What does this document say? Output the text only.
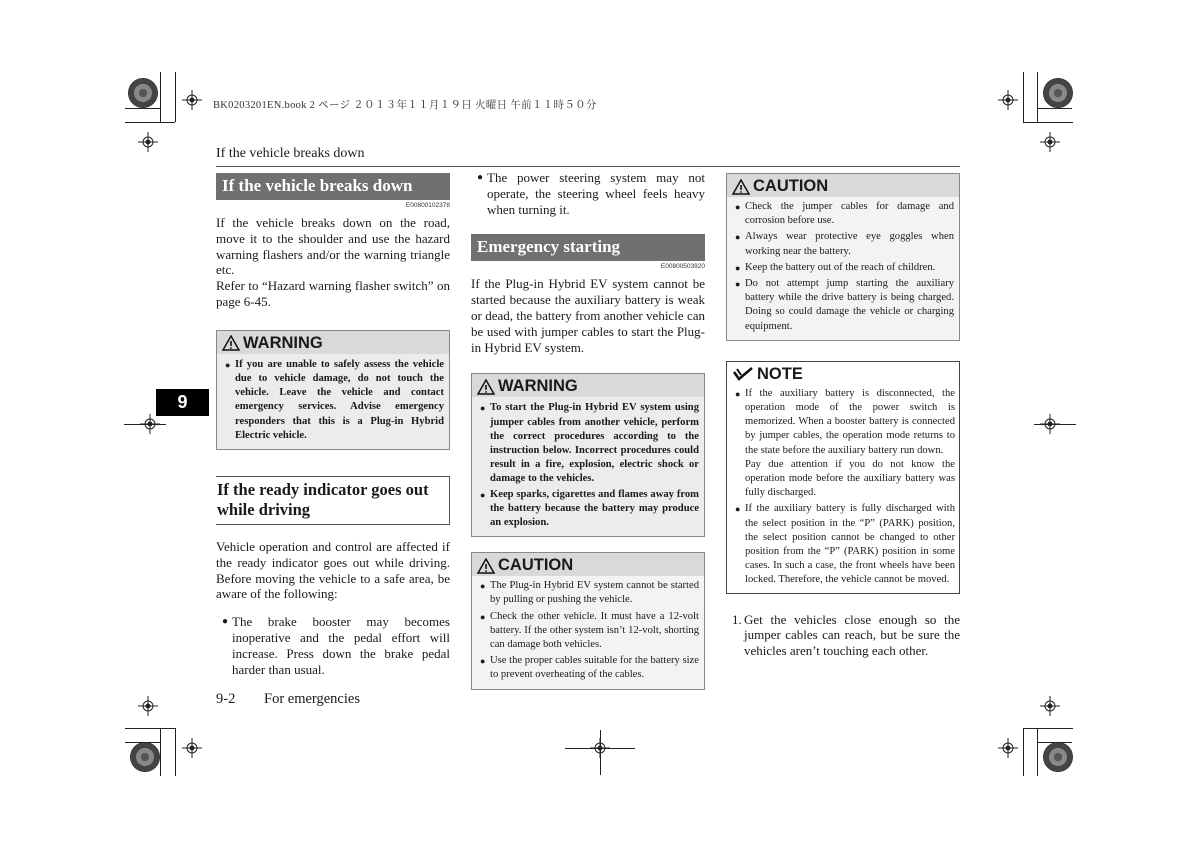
BK0203201EN.book 2 ページ ２０１３年１１月１９日 火曜日 午前１１時５０分
If the vehicle breaks down
9
If the vehicle breaks down
E00800102378
If the vehicle breaks down on the road, move it to the shoulder and use the hazard warning flashers and/or the warning triangle etc.
Refer to “Hazard warning flasher switch” on page 6-45.
WARNING
● If you are unable to safely assess the vehicle due to vehicle damage, do not touch the vehicle. Leave the vehicle and contact emergency services. Advise emergency responders that this is a Plug-in Hybrid Electric vehicle.
If the ready indicator goes out while driving
Vehicle operation and control are affected if the ready indicator goes out while driving. Before moving the vehicle to a safe area, be aware of the following:
● The brake booster may becomes inoperative and the pedal effort will increase. Press down the brake pedal harder than usual.
● The power steering system may not operate, the steering wheel feels heavy when turning it.
Emergency starting
E00800503920
If the Plug-in Hybrid EV system cannot be started because the auxiliary battery is weak or dead, the battery from another vehicle can be used with jumper cables to start the Plug-in Hybrid EV system.
WARNING
● To start the Plug-in Hybrid EV system using jumper cables from another vehicle, perform the correct procedures according to the instruction below. Incorrect procedures could result in a fire, explosion, electric shock or damage to the vehicles.
● Keep sparks, cigarettes and flames away from the battery because the battery may produce an explosion.
CAUTION
● The Plug-in Hybrid EV system cannot be started by pulling or pushing the vehicle.
● Check the other vehicle. It must have a 12-volt battery. If the other system isn’t 12-volt, shorting can damage both vehicles.
● Use the proper cables suitable for the battery size to prevent overheating of the cables.
CAUTION
● Check the jumper cables for damage and corrosion before use.
● Always wear protective eye goggles when working near the battery.
● Keep the battery out of the reach of children.
● Do not attempt jump starting the auxiliary battery while the drive battery is being charged. Doing so could damage the vehicle or charging equipment.
NOTE
● If the auxiliary battery is disconnected, the operation mode of the power switch is memorized. When a booster battery is connected by jumper cables, the operation mode returns to the state before the auxiliary battery run down.
Pay due attention if you do not know the operation mode before the auxiliary battery was fully discharged.
● If the auxiliary battery is fully discharged with the select position in the “P” (PARK) position, the select position cannot be changed to other position from the “P” (PARK) position in some cases. In such a case, the front wheels have been locked. Therefore, the vehicle cannot be moved.
1. Get the vehicles close enough so the jumper cables can reach, but be sure the vehicles aren’t touching each other.
9-2 For emergencies
